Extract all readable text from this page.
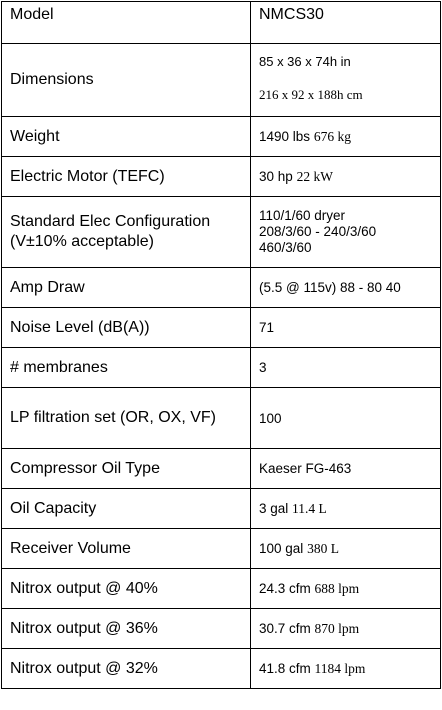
Model	NMCS30
Dimensions	85 x 36 x 74h in
216 x 92 x 188h cm

Weight	1490 lbs 676 kg
Electric Motor (TEFC)	30 hp 22 kW
Standard Elec Configuration (V±10% acceptable)	110/1/60 dryer
208/3/60 - 240/3/60
460/3/60

Amp Draw	(5.5 @ 115v) 88 - 80 40
Noise Level (dB(A))	71
# membranes	3
LP filtration set (OR, OX, VF)	100
Compressor Oil Type	Kaeser FG-463
Oil Capacity	3 gal 11.4 L
Receiver Volume	100 gal 380 L
Nitrox output @ 40%	24.3 cfm 688 lpm
Nitrox output @ 36%	30.7 cfm 870 lpm
Nitrox output @ 32%	41.8 cfm 1184 lpm
